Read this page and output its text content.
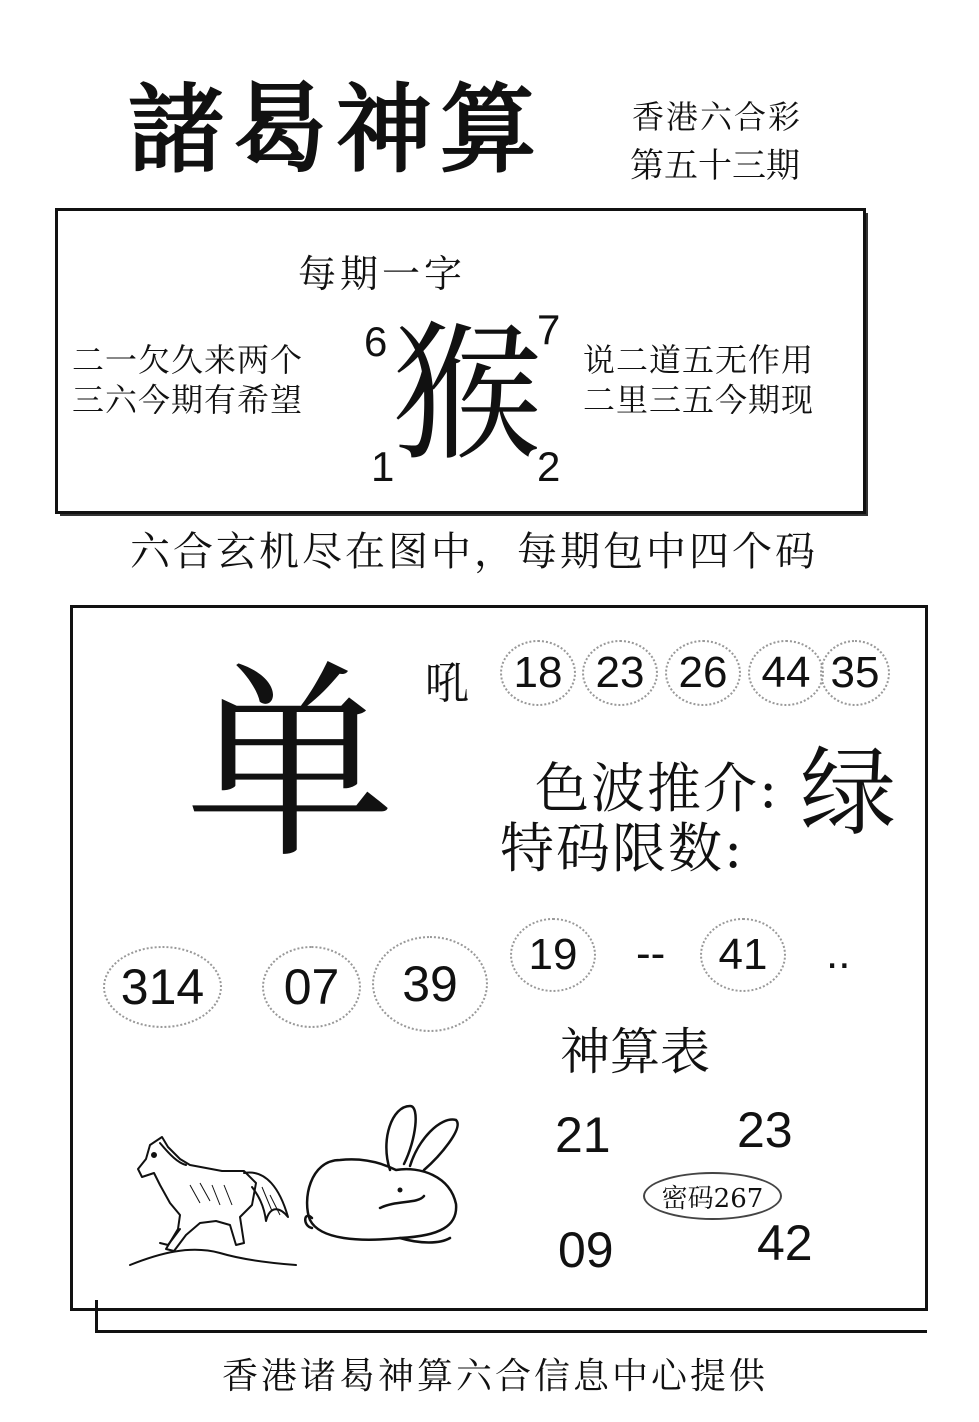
諸曷神算	香港六合彩
第五十三期
每期一字
二一欠久来两个
三六今期有希望
说二道五无作用
二里三五今期现
猴
6	7
1	2
六合玄机尽在图中，每期包中四个码
吼	18 23 26 44 35
单	色波推介: 绿
特码限数:
19	--	41	..
314	07	39
神算表
21	23
09	42
密码267
香港诸曷神算六合信息中心提供
